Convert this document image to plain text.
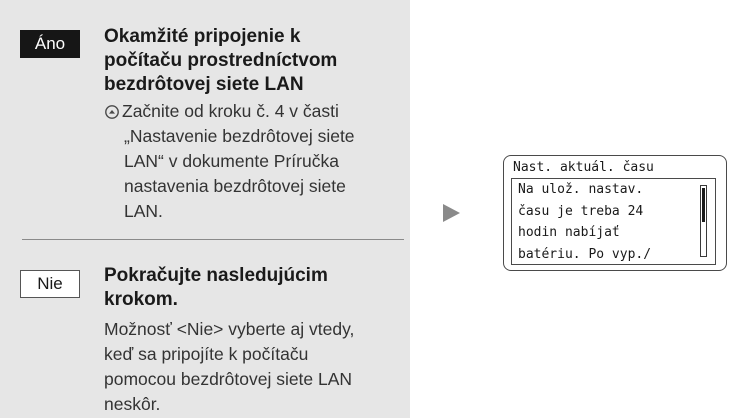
Áno	Okamžité pripojenie k
počítaču prostredníctvom
bezdrôtovej siete LAN
Začnite od kroku č. 4 v časti
„Nastavenie bezdrôtovej siete
LAN“ v dokumente Príručka
nastavenia bezdrôtovej siete
LAN.
Nie	Pokračujte nasledujúcim
krokom.
Možnosť <Nie> vyberte aj vtedy,
keď sa pripojíte k počítaču
pomocou bezdrôtovej siete LAN
neskôr.
Nast. aktuál. času
Na ulož. nastav.
času je treba 24
hodin nabíjať
batériu. Po vyp./
